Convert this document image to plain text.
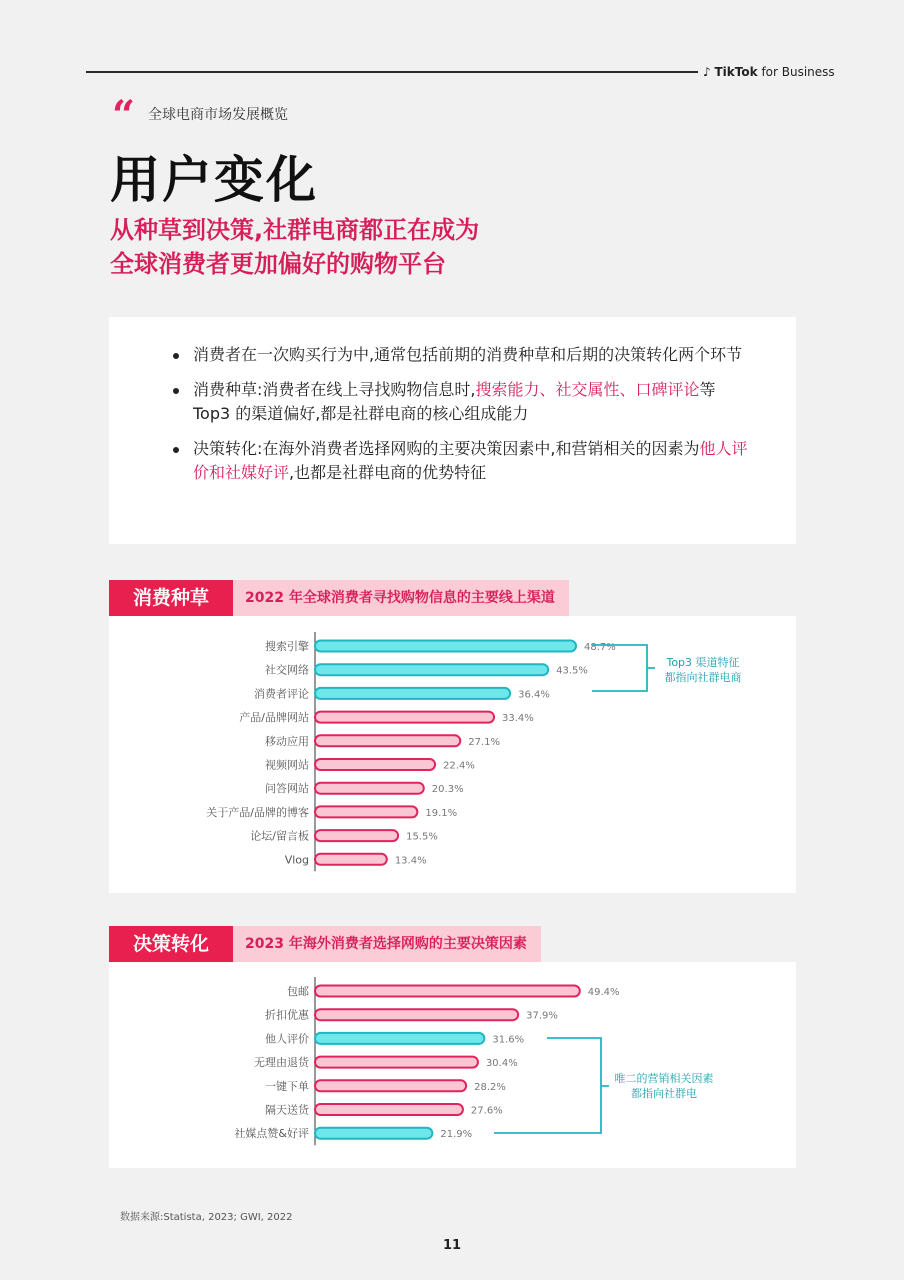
♪ TikTok for Business
“ 全球电商市场发展概览
用户变化
从种草到决策,社群电商都正在成为
全球消费者更加偏好的购物平台
消费者在一次购买行为中,通常包括前期的消费种草和后期的决策转化两个环节
消费种草:消费者在线上寻找购物信息时,搜索能力、社交属性、口碑评论等 Top3 的渠道偏好,都是社群电商的核心组成能力
决策转化:在海外消费者选择网购的主要决策因素中,和营销相关的因素为他人评价和社媒好评,也都是社群电商的优势特征
消费种草	2022 年全球消费者寻找购物信息的主要线上渠道
搜索引擎	48.7%
社交网络	43.5%
消费者评论	36.4%
产品/品牌网站	33.4%
移动应用	27.1%
视频网站	22.4%
问答网站	20.3%
关于产品/品牌的博客	19.1%
论坛/留言板	15.5%
Vlog	13.4%
Top3 渠道特征
都指向社群电商
决策转化	2023 年海外消费者选择网购的主要决策因素
包邮	49.4%
折扣优惠	37.9%
他人评价	31.6%
无理由退货	30.4%
一键下单	28.2%
隔天送货	27.6%
社媒点赞&好评	21.9%
唯二的营销相关因素
都指向社群电
数据来源:Statista, 2023; GWI, 2022
11
